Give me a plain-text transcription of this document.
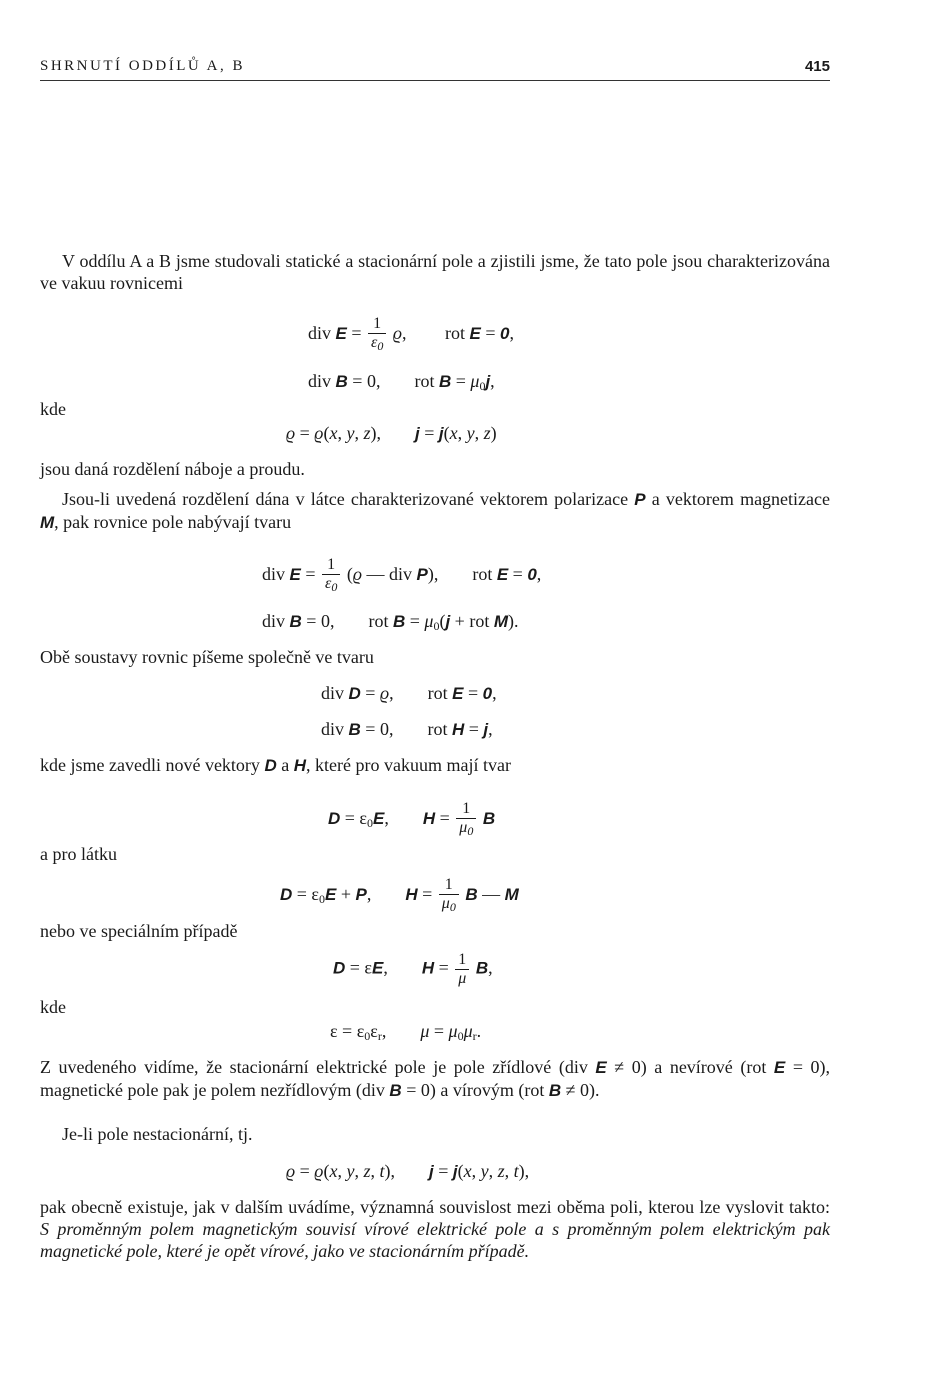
SHRNUTÍ ODDÍLŮ A, B	415

V oddílu A a B jsme studovali statické a stacionární pole a zjistili jsme, že tato pole jsou charakterizována ve vakuu rovnicemi

div $E = \frac{1}{\varepsilon_0} ϱ$, rot E = 0,
div B = 0, rot $B = \mu_0j$,

kde

ϱ = ϱ(x, y, z), j = j(x, y, z)

jsou daná rozdělení náboje a proudu.

Jsou-li uvedená rozdělení dána v látce charakterizované vektorem polarizace P a vektorem magnetizace M, pak rovnice pole nabývají tvaru

div $E = \frac{1}{\varepsilon_0} (ϱ$ — div P), rot E = 0,
div B = 0, rot $B = \mu_0(j$ + rot M).

Obě soustavy rovnic píšeme společně ve tvaru

div D = ϱ, rot E = 0,
div B = 0, rot H = j,

kde jsme zavedli nové vektory D a H, které pro vakuum mají tvar

$D = \varepsilon_0E$, $H = \frac{1}{\mu_0}$ B

a pro látku

$D = \varepsilon_0E + P$, $H = \frac{1}{\mu_0}$ B — M

nebo ve speciálním případě

D = εE, $H = \frac{1}{\mu} B$,

kde

$\varepsilon = \varepsilon_0\varepsilon_r$, $\mu = \mu_0\mu_r$.

Z uvedeného vidíme, že stacionární elektrické pole je pole zřídlové (div E ≠ 0) a nevírové (rot E = 0), magnetické pole pak je polem nezřídlovým (div B = 0) a vírovým (rot B ≠ 0).

Je-li pole nestacionární, tj.

ϱ = ϱ(x, y, z, t), j = j(x, y, z, t),

pak obecně existuje, jak v dalším uvádíme, významná souvislost mezi oběma poli, kterou lze vyslovit takto: S proměnným polem magnetickým souvisí vírové elektrické pole a s proměnným polem elektrickým pak magnetické pole, které je opět vírové, jako ve stacionárním případě.
